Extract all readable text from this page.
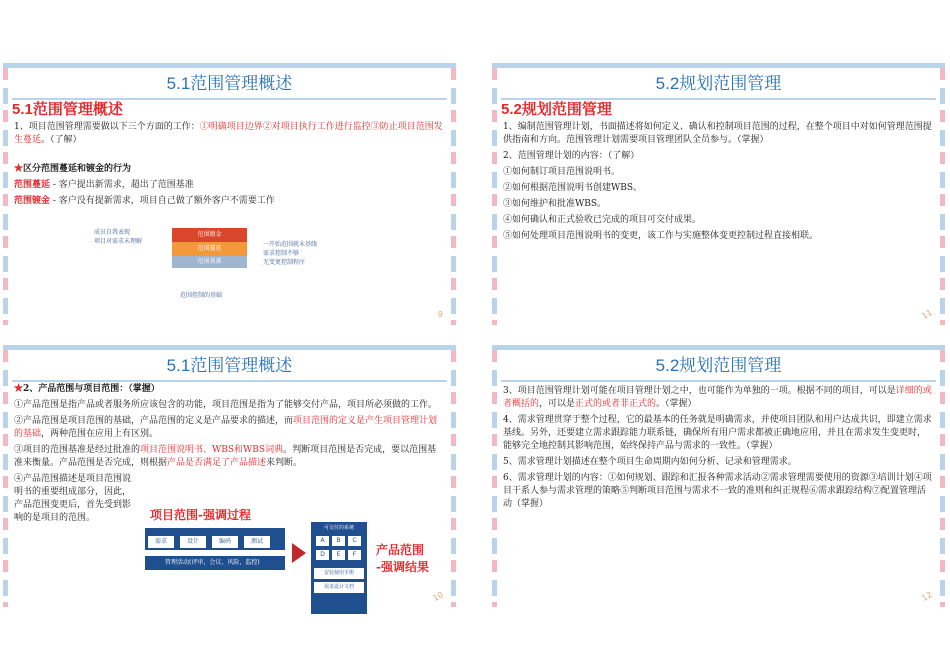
5.1范围管理概述
5.1范围管理概述

1、项目范围管理需要做以下三个方面的工作：①明确项目边界②对项目执行工作进行监控③防止项目范围发生蔓延。（了解）

★区分范围蔓延和镀金的行为

范围蔓延 - 客户提出新需求，超出了范围基准

范围镀金 - 客户没有提新需求，项目自己做了额外客户不需要工作

9
成员自我表现
项目对需求未理解
范围镀金
范围蔓延
范围基准
一开始范围就未基线
需求控制不够
无变更控制程序
范围控制的基础
5.2规划范围管理
5.2规划范围管理

1、编制范围管理计划，书面描述将如何定义、确认和控制项目范围的过程，在整个项目中对如何管理范围提供指南和方向。范围管理计划需要项目管理团队全员参与。（掌握）

2、范围管理计划的内容：（了解）

①如何制订项目范围说明书。

②如何根据范围说明书创建WBS。

③如何维护和批准WBS。

④如何确认和正式验收已完成的项目可交付成果。

⑤如何处理项目范围说明书的变更，该工作与实施整体变更控制过程直接相联。

11
5.1范围管理概述

★2、产品范围与项目范围：（掌握）

①产品范围是指产品或者服务所应该包含的功能，项目范围是指为了能够交付产品，项目所必须做的工作。

②产品范围是项目范围的基础，产品范围的定义是产品要求的描述，而项目范围的定义是产生项目管理计划的基础，两种范围在应用上有区别。

③项目的范围基准是经过批准的项目范围说明书、WBS和WBS词典。判断项目范围是否完成，要以范围基准来衡量。产品范围是否完成，则根据产品是否满足了产品描述来判断。

④产品范围描述是项目范围说明书的重要组成部分，因此，产品范围变更后，首先受到影响的是项目的范围。

10
项目范围-强调过程
需求	设计	编码	测试
管理活动(评审，会议，风险，监控)
可交付的系统
A	B	C
D	E	F
安装使用手册
需求设计文档
产品范围
-强调结果
5.2规划范围管理

3、项目范围管理计划可能在项目管理计划之中，也可能作为单独的一项。根据不同的项目，可以是详细的或者概括的，可以是正式的或者非正式的。（掌握）

4、需求管理贯穿于整个过程，它的最基本的任务就是明确需求，并使项目团队和用户达成共识，即建立需求基线。另外，还要建立需求跟踪能力联系链，确保所有用户需求都被正确地应用，并且在需求发生变更时，能够完全地控制其影响范围，始终保持产品与需求的一致性。（掌握）

5、需求管理计划描述在整个项目生命周期内如何分析、记录和管理需求。

6、需求管理计划的内容：①如何规划、跟踪和汇报各种需求活动②需求管理需要使用的资源③培训计划④项目干系人参与需求管理的策略⑤判断项目范围与需求不一致的准则和纠正规程⑥需求跟踪结构⑦配置管理活动（掌握）

12
